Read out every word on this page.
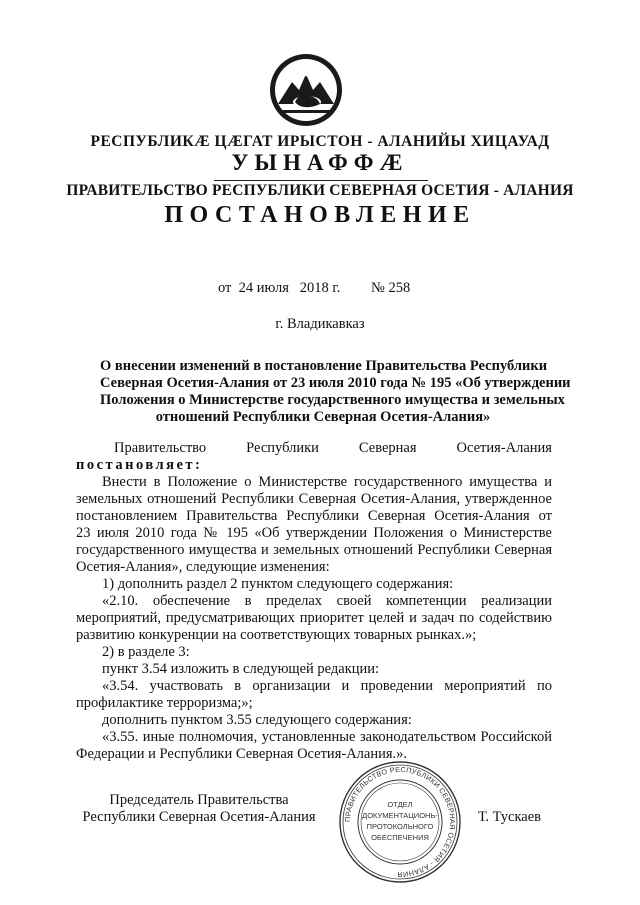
РЕСПУБЛИКÆ ЦÆГАТ ИРЫСТОН - АЛАНИЙЫ ХИЦАУАД
УЫНАФФÆ
ПРАВИТЕЛЬСТВО РЕСПУБЛИКИ СЕВЕРНАЯ ОСЕТИЯ - АЛАНИЯ
ПОСТАНОВЛЕНИЕ
от  24 июля   2018 г. № 258
г. Владикавказ
О внесении изменений в постановление Правительства Республики
Северная Осетия-Алания от 23 июля 2010 года № 195 «Об утверждении
Положения о Министерстве государственного имущества и земельных
отношений Республики Северная Осетия-Алания»
Правительство	Республики	Северная	Осетия-Алания
постановляет:
Внести в Положение о Министерстве государственного имущества и
земельных отношений Республики Северная Осетия-Алания, утвержденное
постановлением Правительства Республики Северная Осетия-Алания от
23 июля 2010 года № 195 «Об утверждении Положения о Министерстве
государственного имущества и земельных отношений Республики Северная
Осетия-Алания», следующие изменения:
1) дополнить раздел 2 пунктом следующего содержания:
«2.10. обеспечение в пределах своей компетенции реализации
мероприятий, предусматривающих приоритет целей и задач по содействию
развитию конкуренции на соответствующих товарных рынках.»;
2) в разделе 3:
пункт 3.54 изложить в следующей редакции:
«3.54. участвовать в организации и проведении мероприятий по
профилактике терроризма;»;
дополнить пунктом 3.55 следующего содержания:
«3.55. иные полномочия, установленные законодательством Российской
Федерации и Республики Северная Осетия-Алания.».
Председатель Правительства
Республики Северная Осетия-Алания	ПРАВИТЕЛЬСТВО РЕСПУБЛИКИ СЕВЕРНАЯ ОСЕТИЯ - АЛАНИЯ
ОТДЕЛ
ДОКУМЕНТАЦИОНЬ-
ПРОТОКОЛЬНОГО
ОБЕСПЕЧЕНИЯ
Т. Тускаев
